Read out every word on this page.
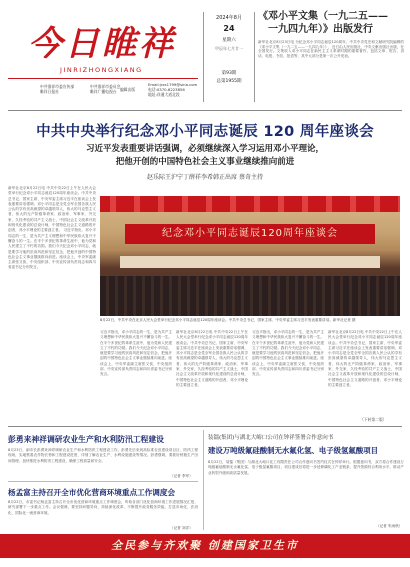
今日睢祥
JINRIZHONGXIANG
中共淮祥市委宣传部
睢祥日报社
中共淮祥市委员会
睢祥广播电视台 编辑出版
Email:jrzx1799@sina.com
电话:0370-6223856
地址:祥通大道北段
2024年8月
24
星期六
甲辰年七月廿一
第93期
总第1955期
《邓小平文集（一九二五——
一九四九年）》出版发行
新华社北京8月23日电 为纪念邓小平同志诞辰120周年，中共中央党史和文献研究院编辑的《邓小平文集（一九二五——一九四九年）》，近日由人民出版社、中央文献出版社出版，在全国发行。文集收入邓小平同志在新民主主义革命时期的重要著作，包括文章、报告、讲话、电报、书信、批语等，其中大部分是第一次公开发表。
中共中央举行纪念邓小平同志诞辰 120 周年座谈会
习近平发表重要讲话强调，必须继续深入学习运用邓小平理论，
把他开创的中国特色社会主义事业继续推向前进
赵乐际王沪宁丁薛祥李希韩正出席 蔡奇主持
新华社北京8月22日电 中共中央22日上午在人民大会堂举行纪念邓小平同志诞辰120周年座谈会。中共中央总书记、国家主席、中央军委主席习近平在座谈会上发表重要讲话强调，邓小平同志是全党全军全国各族人民公认的享有崇高威望的卓越领导人，伟大的马克思主义者，伟大的无产阶级革命家、政治家、军事家、外交家，久经考验的共产主义战士，中国社会主义改革开放和现代化建设的总设计师，中国特色社会主义道路的开创者，邓小平理论的主要创立者。 习近平指出，邓小平同志的一生，是为共产主义理想和中华民族伟大复兴不懈奋斗的一生。在半个多世纪的革命生涯中，他为党和人民建立了不朽的功勋。我们今天纪念邓小平同志，就是要学习他的崇高风范和坚定信念，把他开创的中国特色社会主义事业继续推向前进。座谈会上，中央军委副主席张又侠，中央组织部、中央宣传部负责同志和四川省委书记分别发言。
纪念邓小平同志诞辰120周年座谈会
8月22日，中共中央在北京人民大会堂举行纪念邓小平同志诞辰120周年座谈会。中共中央总书记、国家主席、中央军委主席习近平发表重要讲话。新华社记者 摄
习近平指出，邓小平同志的一生，是为共产主义理想和中华民族伟大复兴不懈奋斗的一生。在半个多世纪的革命生涯中，他为党和人民建立了不朽的功勋。我们今天纪念邓小平同志，就是要学习他的崇高风范和坚定信念，把他开创的中国特色社会主义事业继续推向前进。座谈会上，中央军委副主席张又侠，中央组织部、中央宣传部负责同志和四川省委书记分别发言。
新华社北京8月22日电 中共中央22日上午在人民大会堂举行纪念邓小平同志诞辰120周年座谈会。中共中央总书记、国家主席、中央军委主席习近平在座谈会上发表重要讲话强调，邓小平同志是全党全军全国各族人民公认的享有崇高威望的卓越领导人，伟大的马克思主义者，伟大的无产阶级革命家、政治家、军事家、外交家，久经考验的共产主义战士，中国社会主义改革开放和现代化建设的总设计师，中国特色社会主义道路的开创者，邓小平理论的主要创立者。
习近平指出，邓小平同志的一生，是为共产主义理想和中华民族伟大复兴不懈奋斗的一生。在半个多世纪的革命生涯中，他为党和人民建立了不朽的功勋。我们今天纪念邓小平同志，就是要学习他的崇高风范和坚定信念，把他开创的中国特色社会主义事业继续推向前进。座谈会上，中央军委副主席张又侠，中央组织部、中央宣传部负责同志和四川省委书记分别发言。
新华社北京8月22日电 中共中央22日上午在人民大会堂举行纪念邓小平同志诞辰120周年座谈会。中共中央总书记、国家主席、中央军委主席习近平在座谈会上发表重要讲话强调，邓小平同志是全党全军全国各族人民公认的享有崇高威望的卓越领导人，伟大的马克思主义者，伟大的无产阶级革命家、政治家、军事家、外交家，久经考验的共产主义战士，中国社会主义改革开放和现代化建设的总设计师，中国特色社会主义道路的开创者，邓小平理论的主要创立者。
（下转第二版）
彭勇来神祥调研农业生产和水利防汛工程建设
8月23日，副市长彭勇来神祥调研农业生产和水利防汛工程建设工作。彭勇先后来到高标准农田建设项目区、防汛工程现场，实地察看农作物长势和工程建设进度，详细了解农业生产、水利设施建设等情况。彭勇强调，要抓好秋粮生产田间管理，加快推进水利防汛工程建设，确保工程质量和安全。
（记者 李军）
杨孟富主持召开全市优化营商环境重点工作调度会
8月22日，市委书记杨孟富主持召开全市优化营商环境重点工作调度会，听取各部门优化营商环境工作进展情况汇报，研究部署下一步重点工作。会议强调，要坚持问题导向，持续深化改革，不断提升政务服务效能，打造市场化、法治化、国际化一流营商环境。
（记者 刘洋）
装镭(集团)与湖北大峪口公司在钟祥签署合作意向书
建设万吨级氟硅酸制无水氟化氢、电子级氢氟酸项目
8月22日，装镭（集团）与湖北大峪口化工有限责任公司合作意向书签约仪式在钟祥举行。根据意向书，双方将合作建设万吨级氟硅酸制无水氟化氢、电子级氢氟酸项目，项目建成后将进一步延伸磷化工产业链条，提升资源综合利用水平，推动产业转型升级和高质量发展。
（记者 朱雨秋）
全民参与齐欢聚 创建国家卫生市
